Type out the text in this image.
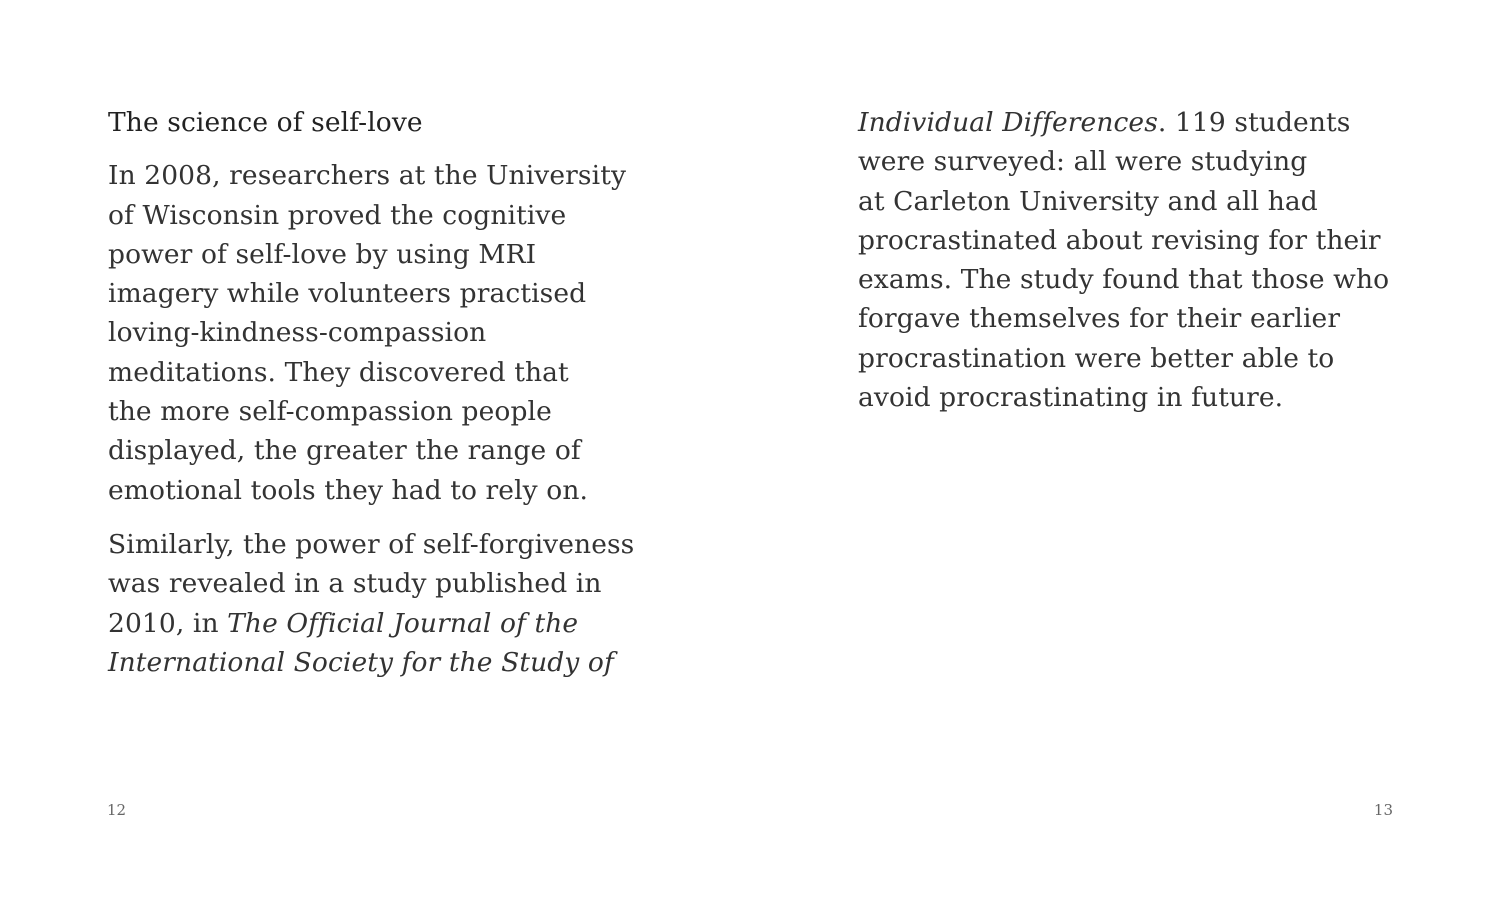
The science of self-love

In 2008, researchers at the University
of Wisconsin proved the cognitive
power of self-love by using MRI
imagery while volunteers practised
loving-kindness-compassion
meditations. They discovered that
the more self-compassion people
displayed, the greater the range of
emotional tools they had to rely on.

Similarly, the power of self-forgiveness
was revealed in a study published in
2010, in The Official Journal of the
International Society for the Study of

12

Individual Differences. 119 students
were surveyed: all were studying
at Carleton University and all had
procrastinated about revising for their
exams. The study found that those who
forgave themselves for their earlier
procrastination were better able to
avoid procrastinating in future.

13
